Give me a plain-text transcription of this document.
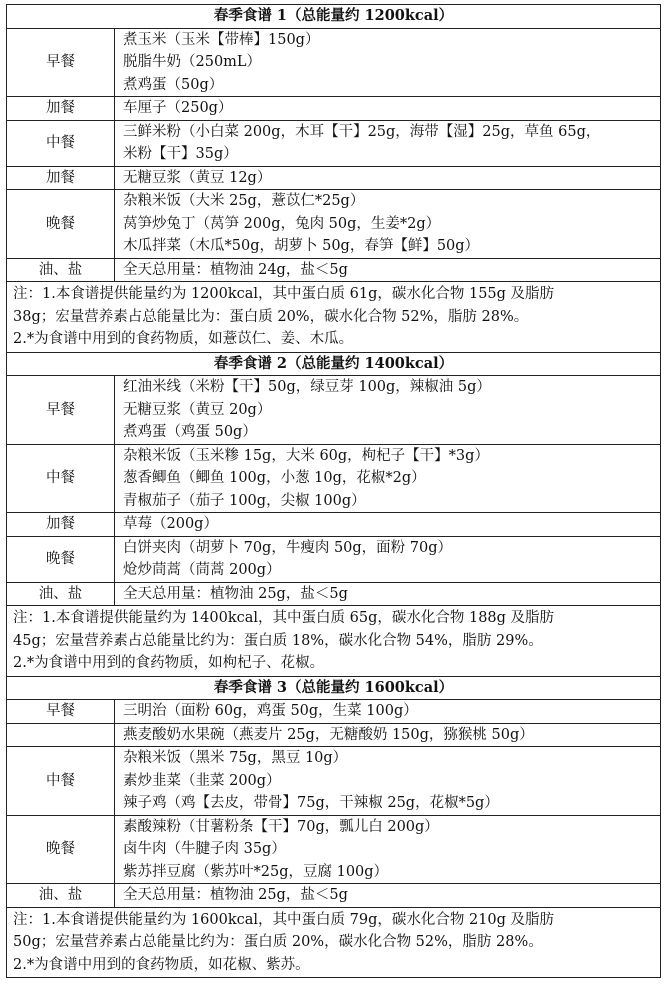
春季食谱 1（总能量约 1200kcal）	
早餐	煮玉米（玉米【带棒】150g）
脱脂牛奶（250mL）
煮鸡蛋（50g）

加餐	车厘子（250g）

中餐	三鲜米粉（小白菜 200g，木耳【干】25g，海带【湿】25g，草鱼 65g，
米粉【干】35g）

加餐	无糖豆浆（黄豆 12g）

晚餐	杂粮米饭（大米 25g，薏苡仁*25g）
莴笋炒兔丁（莴笋 200g，兔肉 50g，生姜*2g）
木瓜拌菜（木瓜*50g，胡萝卜 50g，春笋【鲜】50g）

油、盐	全天总用量：植物油 24g，盐＜5g

注：1.本食谱提供能量约为 1200kcal，其中蛋白质 61g，碳水化合物 155g 及脂肪
38g；宏量营养素占总能量比为：蛋白质 20%，碳水化合物 52%，脂肪 28%。
2.*为食谱中用到的食药物质，如薏苡仁、姜、木瓜。	

春季食谱 2（总能量约 1400kcal）	
早餐	红油米线（米粉【干】50g，绿豆芽 100g，辣椒油 5g）
无糖豆浆（黄豆 20g）
煮鸡蛋（鸡蛋 50g）

中餐	杂粮米饭（玉米糁 15g，大米 60g，枸杞子【干】*3g）
葱香鲫鱼（鲫鱼 100g，小葱 10g，花椒*2g）
青椒茄子（茄子 100g，尖椒 100g）

加餐	草莓（200g）

晚餐	白饼夹肉（胡萝卜 70g，牛瘦肉 50g，面粉 70g）
炝炒茼蒿（茼蒿 200g）

油、盐	全天总用量：植物油 25g，盐＜5g

注：1.本食谱提供能量约为 1400kcal，其中蛋白质 65g，碳水化合物 188g 及脂肪
45g；宏量营养素占总能量比约为：蛋白质 18%，碳水化合物 54%，脂肪 29%。
2.*为食谱中用到的食药物质，如枸杞子、花椒。	

春季食谱 3（总能量约 1600kcal）	
早餐	三明治（面粉 60g，鸡蛋 50g，生菜 100g）

	燕麦酸奶水果碗（燕麦片 25g，无糖酸奶 150g，猕猴桃 50g）

中餐	杂粮米饭（黑米 75g，黑豆 10g）
素炒韭菜（韭菜 200g）
辣子鸡（鸡【去皮，带骨】75g，干辣椒 25g，花椒*5g）

晚餐	素酸辣粉（甘薯粉条【干】70g，瓢儿白 200g）
卤牛肉（牛腱子肉 35g）
紫苏拌豆腐（紫苏叶*25g，豆腐 100g）

油、盐	全天总用量：植物油 25g，盐＜5g

注：1.本食谱提供能量约为 1600kcal，其中蛋白质 79g，碳水化合物 210g 及脂肪
50g；宏量营养素占总能量比约为：蛋白质 20%，碳水化合物 52%，脂肪 28%。
2.*为食谱中用到的食药物质，如花椒、紫苏。	
